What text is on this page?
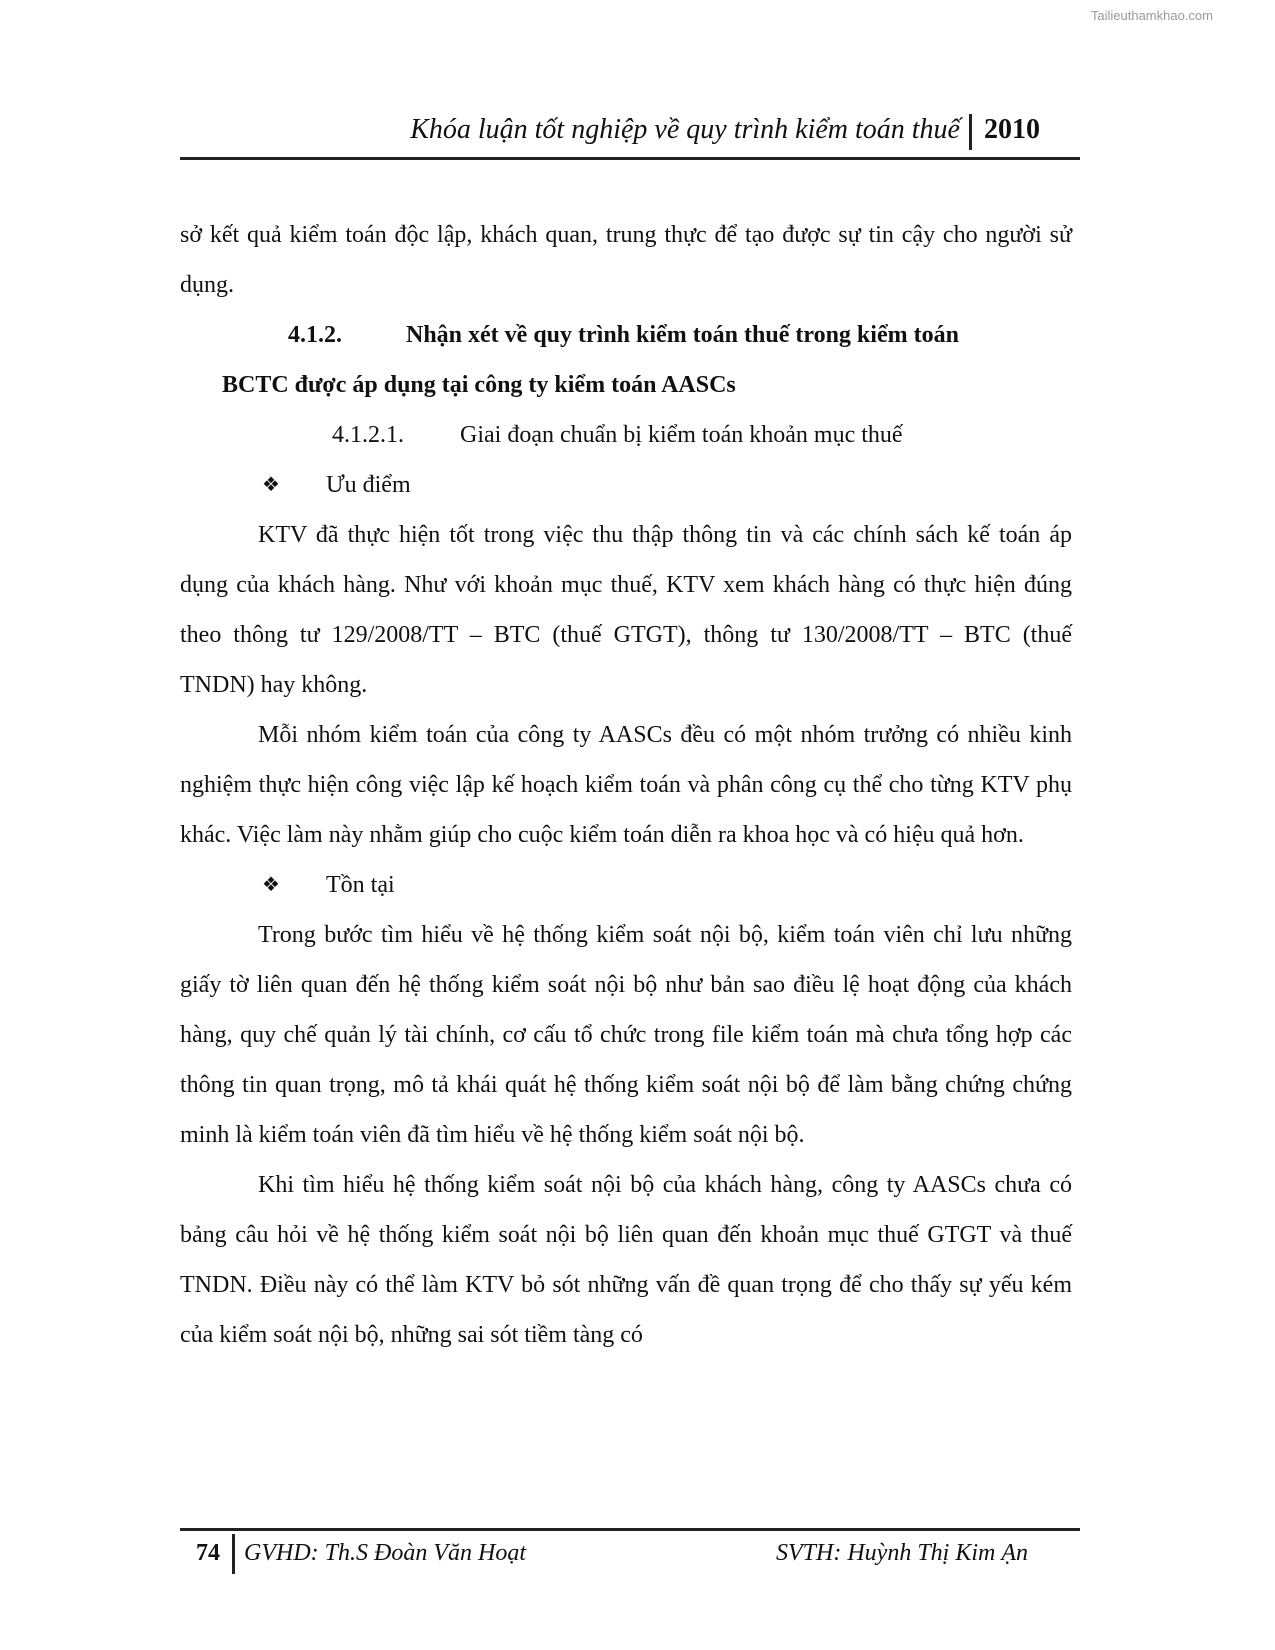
Tailieuthamkhao.com
Khóa luận tốt nghiệp về quy trình kiểm toán thuế 2010

sở kết quả kiểm toán độc lập, khách quan, trung thực để tạo được sự tin cậy cho người sử dụng.

4.1.2.	Nhận xét về quy trình kiểm toán thuế trong kiểm toán
BCTC được áp dụng tại công ty kiểm toán AASCs
4.1.2.1.	Giai đoạn chuẩn bị kiểm toán khoản mục thuế
❖	Ưu điểm

KTV đã thực hiện tốt trong việc thu thập thông tin và các chính sách kế toán áp dụng của khách hàng. Như với khoản mục thuế, KTV xem khách hàng có thực hiện đúng theo thông tư 129/2008/TT – BTC (thuế GTGT), thông tư 130/2008/TT – BTC (thuế TNDN) hay không.

Mỗi nhóm kiểm toán của công ty AASCs đều có một nhóm trưởng có nhiều kinh nghiệm thực hiện công việc lập kế hoạch kiểm toán và phân công cụ thể cho từng KTV phụ khác. Việc làm này nhằm giúp cho cuộc kiểm toán diễn ra khoa học và có hiệu quả hơn.

❖	Tồn tại

Trong bước tìm hiểu về hệ thống kiểm soát nội bộ, kiểm toán viên chỉ lưu những giấy tờ liên quan đến hệ thống kiểm soát nội bộ như bản sao điều lệ hoạt động của khách hàng, quy chế quản lý tài chính, cơ cấu tổ chức trong file kiểm toán mà chưa tổng hợp các thông tin quan trọng, mô tả khái quát hệ thống kiểm soát nội bộ để làm bằng chứng chứng minh là kiểm toán viên đã tìm hiểu về hệ thống kiểm soát nội bộ.

Khi tìm hiểu hệ thống kiểm soát nội bộ của khách hàng, công ty AASCs chưa có bảng câu hỏi về hệ thống kiểm soát nội bộ liên quan đến khoản mục thuế GTGT và thuế TNDN. Điều này có thể làm KTV bỏ sót những vấn đề quan trọng để cho thấy sự yếu kém của kiểm soát nội bộ, những sai sót tiềm tàng có

74 GVHD: Th.S Đoàn Văn Hoạt	SVTH: Huỳnh Thị Kim Ạn
